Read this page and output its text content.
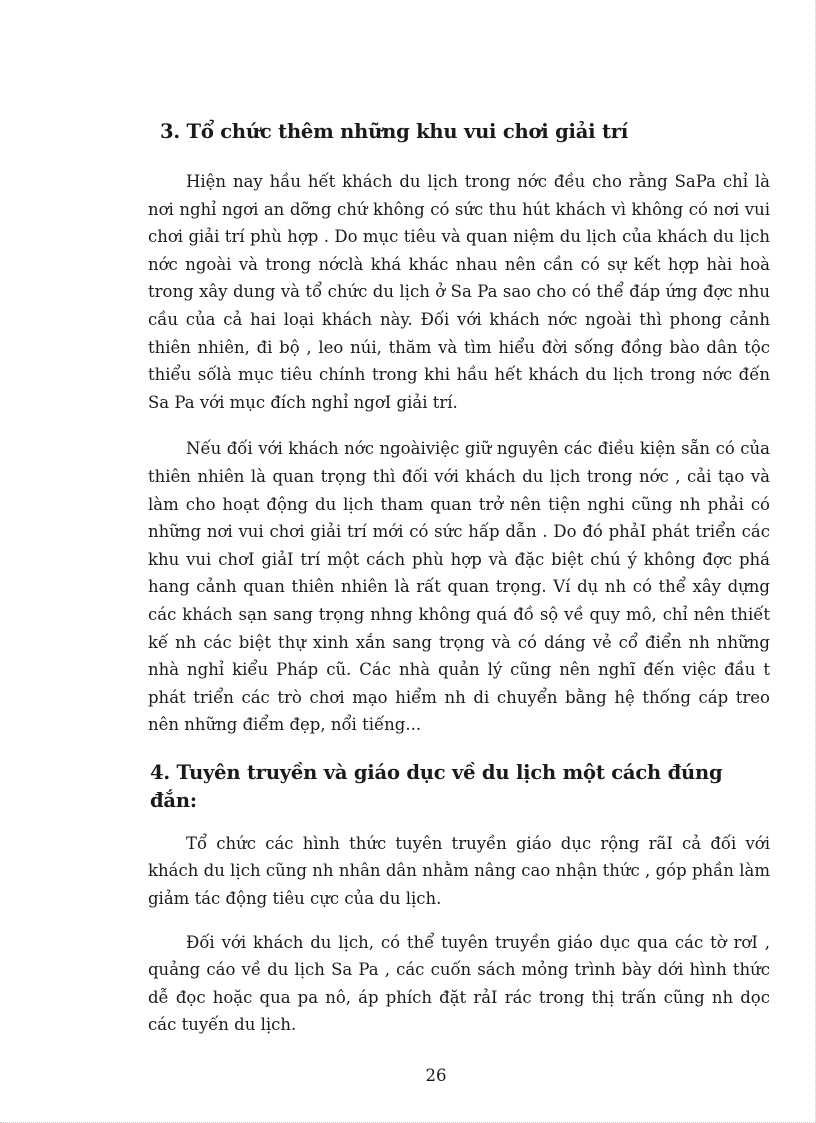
3. Tổ chức thêm những khu vui chơi giải trí

Hiện nay hầu hết khách du lịch trong nớc đều cho rằng SaPa chỉ là nơi nghỉ ngơi an dỡng chứ không có sức thu hút khách vì không có nơi vui chơi giải trí phù hợp . Do mục tiêu và quan niệm du lịch của khách du lịch nớc ngoài và trong nớclà khá khác nhau nên cần có sự kết hợp hài hoà trong xây dung và tổ chức du lịch ở Sa Pa sao cho có thể đáp ứng đợc nhu cầu của cả hai loại khách này. Đối với khách nớc ngoài thì phong cảnh thiên nhiên, đi bộ , leo núi, thăm và tìm hiểu đời sống đồng bào dân tộc thiểu sốlà mục tiêu chính trong khi hầu hết khách du lịch trong nớc đến Sa Pa với mục đích nghỉ ngơI giải trí.

Nếu đối với khách nớc ngoàiviệc giữ nguyên các điều kiện sẵn có của thiên nhiên là quan trọng thì đối với khách du lịch trong nớc , cải tạo và làm cho hoạt động du lịch tham quan trở nên tiện nghi cũng nh phải có những nơi vui chơi giải trí mới có sức hấp dẫn . Do đó phảI phát triển các khu vui chơI giảI trí một cách phù hợp và đặc biệt chú ý không đợc phá hang cảnh quan thiên nhiên là rất quan trọng. Ví dụ nh có thể xây dựng các khách sạn sang trọng nhng không quá đồ sộ về quy mô, chỉ nên thiết kế nh các biệt thự xinh xắn sang trọng và có dáng vẻ cổ điển nh những nhà nghỉ kiểu Pháp cũ. Các nhà quản lý cũng nên nghĩ đến việc đầu t phát triển các trò chơi mạo hiểm nh di chuyển bằng hệ thống cáp treo nên những điểm đẹp, nổi tiếng...

4. Tuyên truyền và giáo dục về du lịch một cách đúng đắn:

Tổ chức các hình thức tuyên truyền giáo dục rộng rãI cả đối với khách du lịch cũng nh nhân dân nhằm nâng cao nhận thức , góp phần làm giảm tác động tiêu cực của du lịch.

Đối với khách du lịch, có thể tuyên truyền giáo dục qua các tờ rơI , quảng cáo về du lịch Sa Pa , các cuốn sách mỏng trình bày dới hình thức dễ đọc hoặc qua pa nô, áp phích đặt rảI rác trong thị trấn cũng nh dọc các tuyến du lịch.

26
